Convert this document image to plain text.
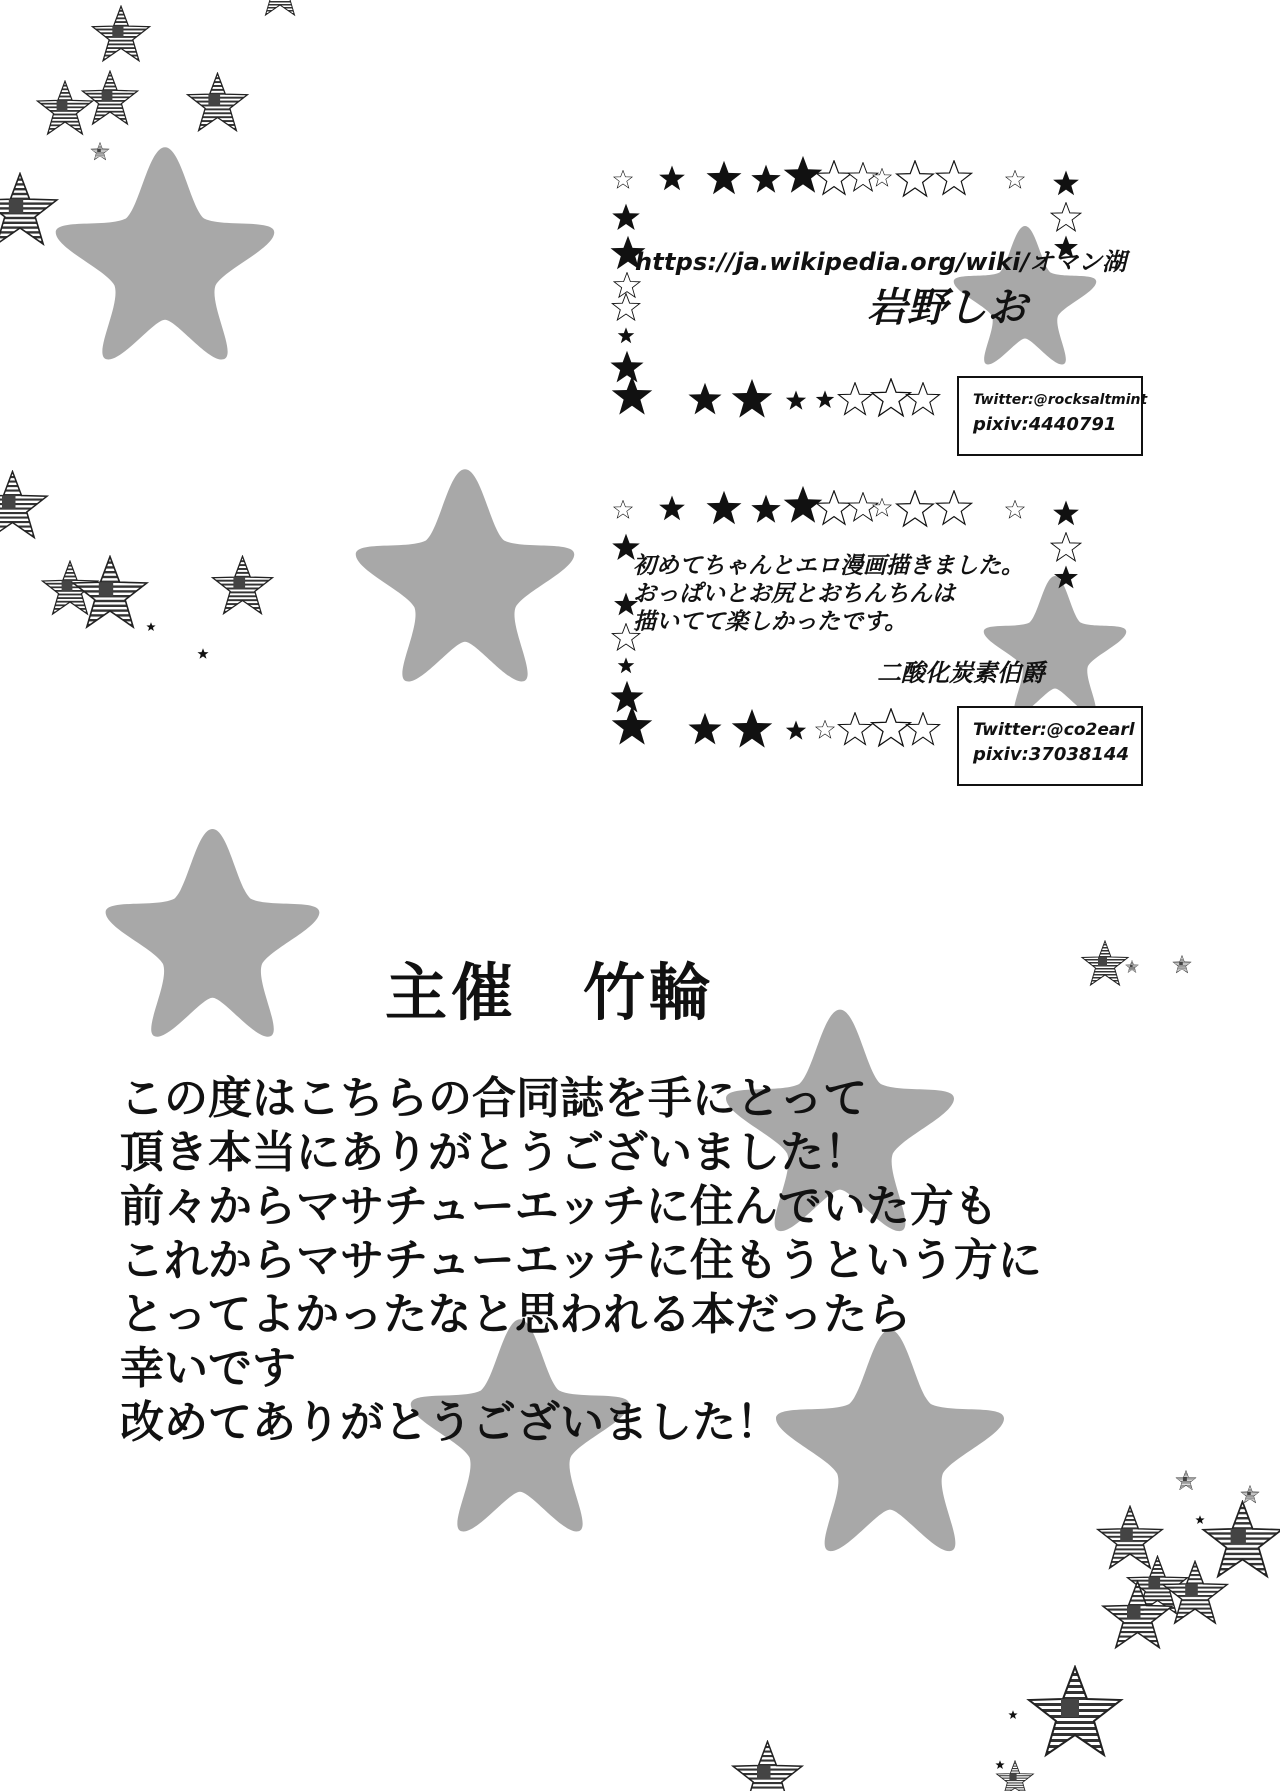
https://ja.wikipedia.org/wiki/オマン湖
岩野しお
Twitter:@rocksaltmint
pixiv:4440791
初めてちゃんとエロ漫画描きました。
おっぱいとお尻とおちんちんは
描いてて楽しかったです。
二酸化炭素伯爵
Twitter:@co2earl
pixiv:37038144
主催　竹輪
この度はこちらの合同誌を手にとって
頂き本当にありがとうございました！
前々からマサチューエッチに住んでいた方も
これからマサチューエッチに住もうという方に
とってよかったなと思われる本だったら
幸いです
改めてありがとうございました！
